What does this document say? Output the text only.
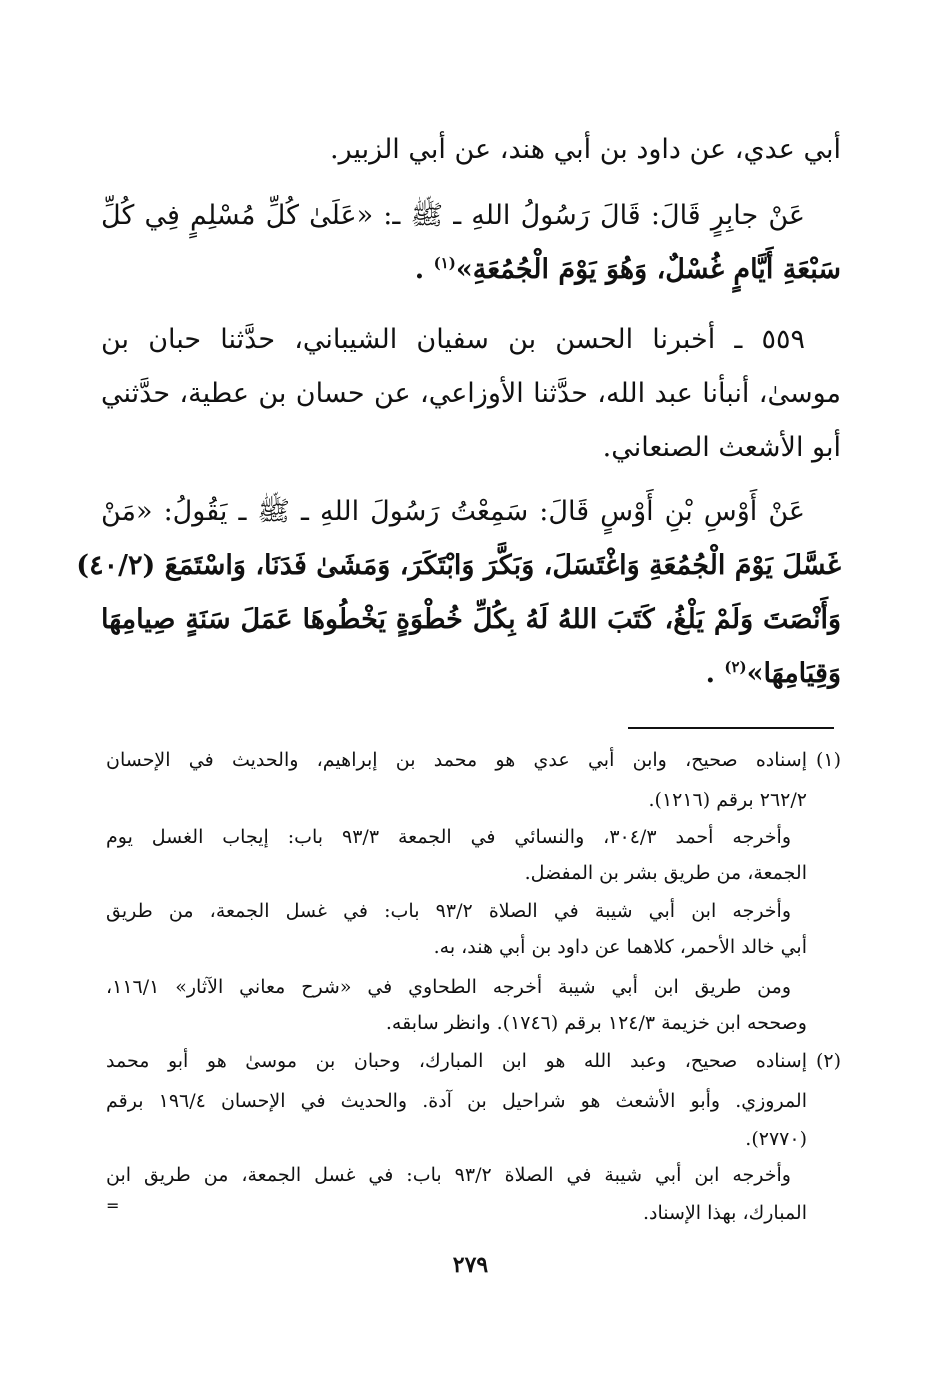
أبي عدي، عن داود بن أبي هند، عن أبي الزبير.
عَنْ جابِرٍ قَالَ: قَالَ رَسُولُ اللهِ ـ ﷺ ـ: «عَلَىٰ كُلِّ مُسْلِمٍ فِي كُلِّ
سَبْعَةِ أَيَّامٍ غُسْلٌ، وَهُوَ يَوْمَ الْجُمُعَةِ»$^{(١)}$ .
٥٥٩ ـ أخبرنا الحسن بن سفيان الشيباني، حدَّثنا حبان بن
موسىٰ، أنبأنا عبد الله، حدَّثنا الأوزاعي، عن حسان بن عطية، حدَّثني
أبو الأشعث الصنعاني.
عَنْ أَوْسِ بْنِ أَوْسٍ قَالَ: سَمِعْتُ رَسُولَ اللهِ ـ ﷺ ـ يَقُولُ: «مَنْ
غَسَّلَ يَوْمَ الْجُمُعَةِ وَاغْتَسَلَ، وَبَكَّرَ وَابْتَكَرَ، وَمَشَىٰ فَدَنَا، وَاسْتَمَعَ (٤٠/٢)
وَأَنْصَتَ وَلَمْ يَلْغُ، كَتَبَ اللهُ لَهُ بِكُلِّ خُطْوَةٍ يَخْطُوهَا عَمَلَ سَنَةٍ صِيامِهَا
وَقِيَامِهَا»$^{(٢)}$ .
(١)إسناده صحيح، وابن أبي عدي هو محمد بن إبراهيم، والحديث في الإحسان
٢٦٢/٢ برقم (١٢١٦).
وأخرجه أحمد ٣٠٤/٣، والنسائي في الجمعة ٩٣/٣ باب: إيجاب الغسل يوم
الجمعة، من طريق بشر بن المفضل.
وأخرجه ابن أبي شيبة في الصلاة ٩٣/٢ باب: في غسل الجمعة، من طريق
أبي خالد الأحمر، كلاهما عن داود بن أبي هند، به.
ومن طريق ابن أبي شيبة أخرجه الطحاوي في «شرح معاني الآثار» ١١٦/١،
وصححه ابن خزيمة ١٢٤/٣ برقم (١٧٤٦). وانظر سابقه.
(٢)إسناده صحيح، وعبد الله هو ابن المبارك، وحبان بن موسىٰ هو أبو محمد
المروزي. وأبو الأشعث هو شراحيل بن آدة. والحديث في الإحسان ١٩٦/٤ برقم
(٢٧٧٠).
وأخرجه ابن أبي شيبة في الصلاة ٩٣/٢ باب: في غسل الجمعة، من طريق ابن
المبارك، بهذا الإسناد.
=
٢٧٩
